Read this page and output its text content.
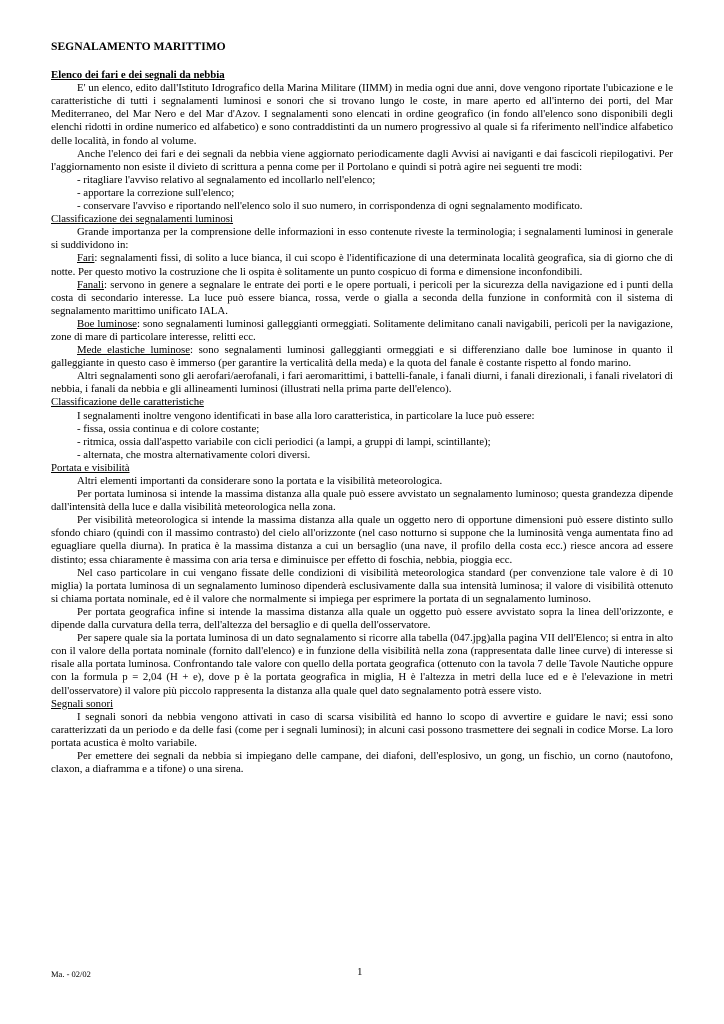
SEGNALAMENTO MARITTIMO
Elenco dei fari e dei segnali da nebbia

E' un elenco, edito dall'Istituto Idrografico della Marina Militare (IIMM) in media ogni due anni, dove vengono riportate l'ubicazione e le caratteristiche di tutti i segnalamenti luminosi e sonori che si trovano lungo le coste, in mare aperto ed all'interno dei porti, del Mar Mediterraneo, del Mar Nero e del Mar d'Azov. I segnalamenti sono elencati in ordine geografico (in fondo all'elenco sono disponibili degli elenchi ridotti in ordine numerico ed alfabetico) e sono contraddistinti da un numero progressivo al quale si fa riferimento nell'indice alfabetico delle località, in fondo al volume.

Anche l'elenco dei fari e dei segnali da nebbia viene aggiornato periodicamente dagli Avvisi ai naviganti e dai fascicoli riepilogativi. Per l'aggiornamento non esiste il divieto di scrittura a penna come per il Portolano e quindi si potrà agire nei seguenti tre modi:

- ritagliare l'avviso relativo al segnalamento ed incollarlo nell'elenco;

- apportare la correzione sull'elenco;

- conservare l'avviso e riportando nell'elenco solo il suo numero, in corrispondenza di ogni segnalamento modificato.

Classificazione dei segnalamenti luminosi

Grande importanza per la comprensione delle informazioni in esso contenute riveste la terminologia; i segnalamenti luminosi in generale si suddividono in:

Fari: segnalamenti fissi, di solito a luce bianca, il cui scopo è l'identificazione di una determinata località geografica, sia di giorno che di notte. Per questo motivo la costruzione che li ospita è solitamente un punto cospicuo di forma e dimensione inconfondibili.

Fanali: servono in genere a segnalare le entrate dei porti e le opere portuali, i pericoli per la sicurezza della navigazione ed i punti della costa di secondario interesse. La luce può essere bianca, rossa, verde o gialla a seconda della funzione in conformità con il sistema di segnalamento marittimo unificato IALA.

Boe luminose: sono segnalamenti luminosi galleggianti ormeggiati. Solitamente delimitano canali navigabili, pericoli per la navigazione, zone di mare di particolare interesse, relitti ecc.

Mede elastiche luminose: sono segnalamenti luminosi galleggianti ormeggiati e si differenziano dalle boe luminose in quanto il galleggiante in questo caso è immerso (per garantire la verticalità della meda) e la quota del fanale è costante rispetto al fondo marino.

Altri segnalamenti sono gli aerofari/aerofanali, i fari aeromarittimi, i battelli-fanale, i fanali diurni, i fanali direzionali, i fanali rivelatori di nebbia, i fanali da nebbia e gli allineamenti luminosi (illustrati nella prima parte dell'elenco).

Classificazione delle caratteristiche

I segnalamenti inoltre vengono identificati in base alla loro caratteristica, in particolare la luce può essere:

- fissa, ossia continua e di colore costante;

- ritmica, ossia dall'aspetto variabile con cicli periodici (a lampi, a gruppi di lampi, scintillante);

- alternata, che mostra alternativamente colori diversi.

Portata e visibilità

Altri elementi importanti da considerare sono la portata e la visibilità meteorologica.

Per portata luminosa si intende la massima distanza alla quale può essere avvistato un segnalamento luminoso; questa grandezza dipende dall'intensità della luce e dalla visibilità meteorologica nella zona.

Per visibilità meteorologica si intende la massima distanza alla quale un oggetto nero di opportune dimensioni può essere distinto sullo sfondo chiaro (quindi con il massimo contrasto) del cielo all'orizzonte (nel caso notturno si suppone che la luminosità venga aumentata fino ad eguagliare quella diurna). In pratica è la massima distanza a cui un bersaglio (una nave, il profilo della costa ecc.) riesce ancora ad essere distinto; essa chiaramente è massima con aria tersa e diminuisce per effetto di foschia, nebbia, pioggia ecc.

Nel caso particolare in cui vengano fissate delle condizioni di visibilità meteorologica standard (per convenzione tale valore è di 10 miglia) la portata luminosa di un segnalamento luminoso dipenderà esclusivamente dalla sua intensità luminosa; il valore di visibilità ottenuto si chiama portata nominale, ed è il valore che normalmente si impiega per esprimere la portata di un segnalamento luminoso.

Per portata geografica infine si intende la massima distanza alla quale un oggetto può essere avvistato sopra la linea dell'orizzonte, e dipende dalla curvatura della terra, dell'altezza del bersaglio e di quella dell'osservatore.

Per sapere quale sia la portata luminosa di un dato segnalamento si ricorre alla tabella (047.jpg)alla pagina VII dell'Elenco; si entra in alto con il valore della portata nominale (fornito dall'elenco) e in funzione della visibilità nella zona (rappresentata dalle linee curve) di interesse si risale alla portata luminosa. Confrontando tale valore con quello della portata geografica (ottenuto con la tavola 7 delle Tavole Nautiche oppure con la formula p = 2,04 (H + e), dove p è la portata geografica in miglia, H è l'altezza in metri della luce ed e è l'elevazione in metri dell'osservatore) il valore più piccolo rappresenta la distanza alla quale quel dato segnalamento potrà essere visto.

Segnali sonori

I segnali sonori da nebbia vengono attivati in caso di scarsa visibilità ed hanno lo scopo di avvertire e guidare le navi; essi sono caratterizzati da un periodo e da delle fasi (come per i segnali luminosi); in alcuni casi possono trasmettere dei segnali in codice Morse. La loro portata acustica è molto variabile.

Per emettere dei segnali da nebbia si impiegano delle campane, dei diafoni, dell'esplosivo, un gong, un fischio, un corno (nautofono, claxon, a diaframma e a tifone) o una sirena.

Ma. - 02/02	1
